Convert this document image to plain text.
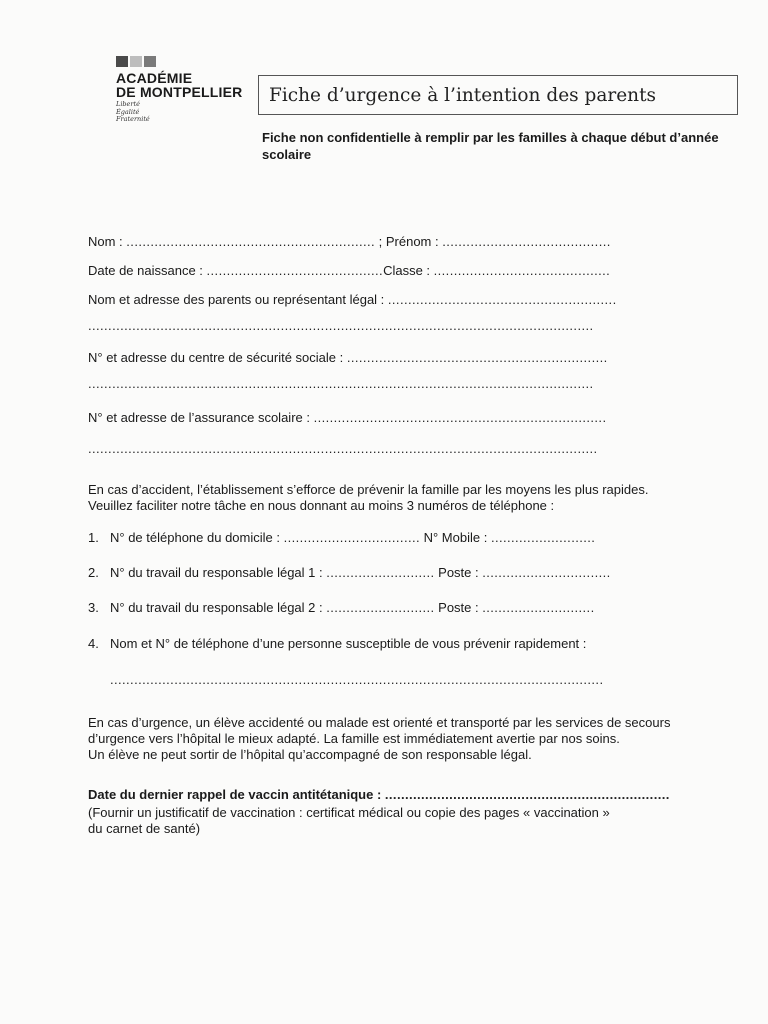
ACADÉMIE
DE MONTPELLIER
Liberté
Égalité
Fraternité
Fiche d’urgence à l’intention des parents
Fiche non confidentielle à remplir par les familles à chaque début d’année scolaire
Nom : .............................................................. ; Prénom : ..........................................
Date de naissance : ............................................Classe : ............................................
Nom et adresse des parents ou représentant légal : .........................................................
..............................................................................................................................
N° et adresse du centre de sécurité sociale : .................................................................
..............................................................................................................................
N° et adresse de l’assurance scolaire : .........................................................................
...............................................................................................................................
En cas d’accident, l’établissement s’efforce de prévenir la famille par les moyens les plus rapides.
Veuillez faciliter notre tâche en nous donnant au moins 3 numéros de téléphone :
1. N° de téléphone du domicile : .................................. N° Mobile : ..........................
2. N° du travail du responsable légal 1 : ........................... Poste : ................................
3. N° du travail du responsable légal 2 : ........................... Poste : ............................
4. Nom et N° de téléphone d’une personne susceptible de vous prévenir rapidement :
...........................................................................................................................
En cas d’urgence, un élève accidenté ou malade est orienté et transporté par les services de secours
d’urgence vers l’hôpital le mieux adapté. La famille est immédiatement avertie par nos soins.
Un élève ne peut sortir de l’hôpital qu’accompagné de son responsable légal.
Date du dernier rappel de vaccin antitétanique : .......................................................................
(Fournir un justificatif de vaccination : certificat médical ou copie des pages « vaccination »
du carnet de santé)
